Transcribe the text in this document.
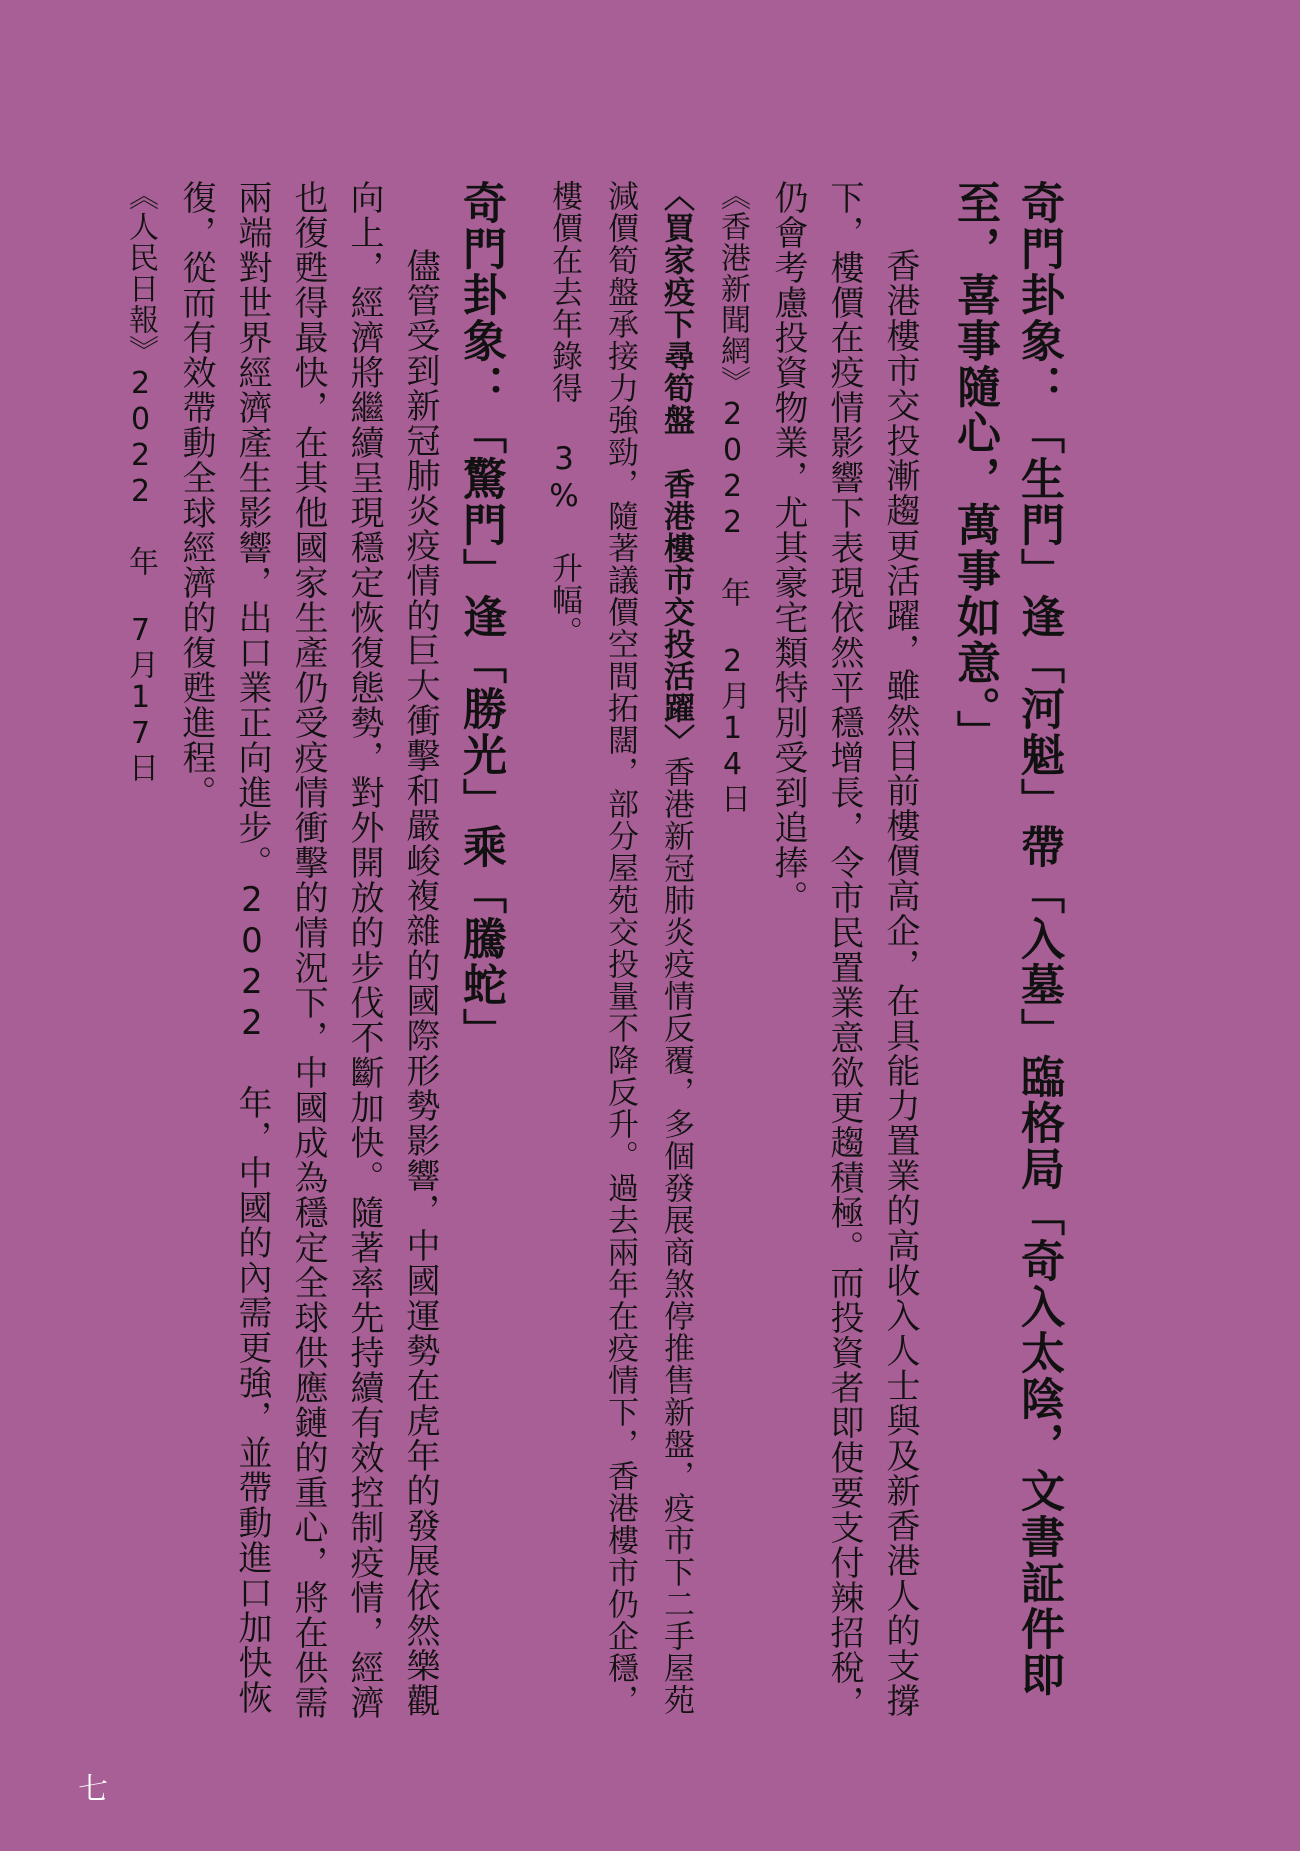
奇門卦象：「生門」逢「河魁」帶「入墓」臨格局「奇入太陰，文書証件即至，喜事隨心，萬事如意。」

香港樓市交投漸趨更活躍，雖然目前樓價高企，在具能力置業的高收入人士與及新香港人的支撐下，樓價在疫情影響下表現依然平穩增長，令市民置業意欲更趨積極。而投資者即使要支付辣招稅，仍會考慮投資物業，尤其豪宅類特別受到追捧。

《香港新聞網》2022 年 2月14日

〈買家疫下尋筍盤　香港樓市交投活躍〉香港新冠肺炎疫情反覆，多個發展商煞停推售新盤，疫市下二手屋苑減價筍盤承接力強勁，隨著議價空間拓闊，部分屋苑交投量不降反升。過去兩年在疫情下，香港樓市仍企穩，樓價在去年錄得 3% 升幅。

奇門卦象：「驚門」逢「勝光」乘「騰蛇」

儘管受到新冠肺炎疫情的巨大衝擊和嚴峻複雜的國際形勢影響，中國運勢在虎年的發展依然樂觀向上，經濟將繼續呈現穩定恢復態勢，對外開放的步伐不斷加快。隨著率先持續有效控制疫情，經濟也復甦得最快，在其他國家生產仍受疫情衝擊的情況下，中國成為穩定全球供應鏈的重心，將在供需兩端對世界經濟產生影響，出口業正向進步。2022 年，中國的內需更強，並帶動進口加快恢復，從而有效帶動全球經濟的復甦進程。

《人民日報》2022 年 7月17日

七
